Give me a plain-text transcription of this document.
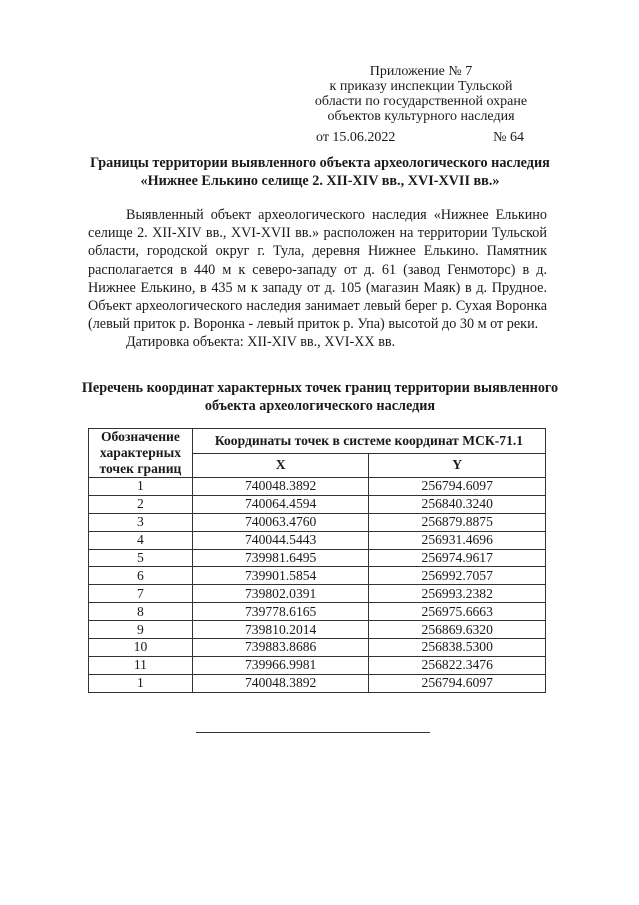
Приложение № 7
к приказу инспекции Тульской
области по государственной охране
объектов культурного наследия
от 15.06.2022	№ 64
Границы территории выявленного объекта археологического наследия «Нижнее Елькино селище 2. XII-XIV вв., XVI-XVII вв.»

Выявленный объект археологического наследия «Нижнее Елькино селище 2. XII-XIV вв., XVI-XVII вв.» расположен на территории Тульской области, городской округ г. Тула, деревня Нижнее Елькино. Памятник располагается в 440 м к северо-западу от д. 61 (завод Генмоторс) в д. Нижнее Елькино, в 435 м к западу от д. 105 (магазин Маяк) в д. Прудное. Объект археологического наследия занимает левый берег р. Сухая Воронка (левый приток р. Воронка - левый приток р. Упа) высотой до 30 м от реки.

Датировка объекта: XII-XIV вв., XVI-XX вв.

Перечень координат характерных точек границ территории выявленного объекта археологического наследия
Обозначение характерных точек границ	Координаты точек в системе координат МСК-71.1	
	X	Y
1	740048.3892	256794.6097
2	740064.4594	256840.3240
3	740063.4760	256879.8875
4	740044.5443	256931.4696
5	739981.6495	256974.9617
6	739901.5854	256992.7057
7	739802.0391	256993.2382
8	739778.6165	256975.6663
9	739810.2014	256869.6320
10	739883.8686	256838.5300
11	739966.9981	256822.3476
1	740048.3892	256794.6097
